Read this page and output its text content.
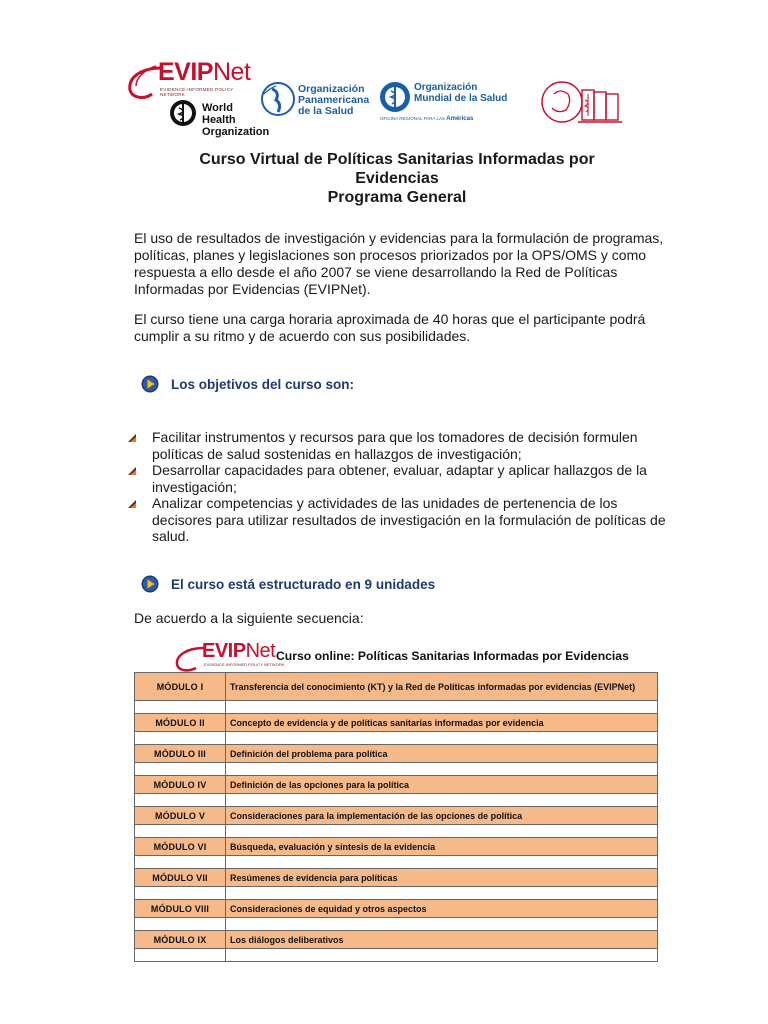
EVIPNet
EVIDENCE-INFORMED POLICY NETWORK
World Health
Organization
Organización
Panamericana
de la Salud
Organización
Mundial de la Salud
OFICINA REGIONAL PARA LAS Américas
Curso Virtual de Políticas Sanitarias Informadas por
Evidencias
Programa General
El uso de resultados de investigación y evidencias para la formulación de programas, políticas, planes y legislaciones son procesos priorizados por la OPS/OMS y como respuesta a ello desde el año 2007 se viene desarrollando la Red de Políticas Informadas por Evidencias (EVIPNet).
El curso tiene una carga horaria aproximada de 40 horas que el participante podrá cumplir a su ritmo y de acuerdo con sus posibilidades.
Los objetivos del curso son:
Facilitar instrumentos y recursos para que los tomadores de decisión formulen políticas de salud sostenidas en hallazgos de investigación;
Desarrollar capacidades para obtener, evaluar, adaptar y aplicar hallazgos de la investigación;
Analizar competencias y actividades de las unidades de pertenencia de los decisores para utilizar resultados de investigación en la formulación de políticas de salud.
El curso está estructurado en 9 unidades
De acuerdo a la siguiente secuencia:
EVIPNet
EVIDENCE-INFORMED POLICY NETWORK
Curso online: Políticas Sanitarias Informadas por Evidencias
MÓDULO I	Transferencia del conocimiento (KT) y la Red de Políticas informadas por evidencias (EVIPNet)

MÓDULO II	Concepto de evidencia y de políticas sanitarias informadas por evidencia

MÓDULO III	Definición del problema para política

MÓDULO IV	Definición de las opciones para la política

MÓDULO V	Consideraciones para la implementación de las opciones de política

MÓDULO VI	Búsqueda, evaluación y síntesis de la evidencia

MÓDULO VII	Resúmenes de evidencia para políticas

MÓDULO VIII	Consideraciones de equidad y otros aspectos

MÓDULO IX	Los diálogos deliberativos
